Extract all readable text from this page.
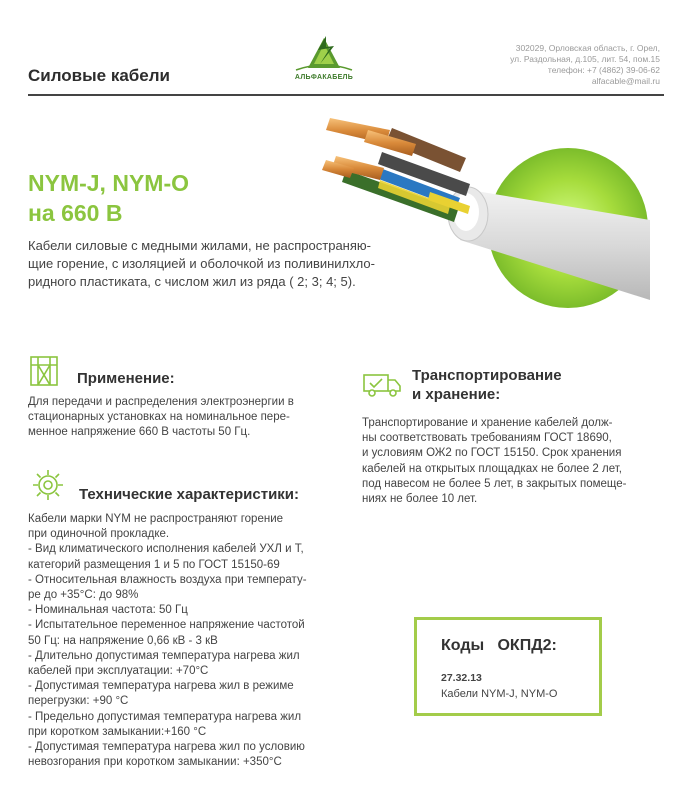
Силовые кабели	АЛЬФАКАБЕЛЬ
302029, Орловская область, г. Орел,
ул. Раздольная, д.105, лит. 54, пом.15
телефон: +7 (4862) 39-06-62
alfacable@mail.ru
NYM-J, NYM-O
на 660 В
Кабели силовые с медными жилами, не распространяю-
щие горение, с изоляцией и оболочкой из поливинилхло-
ридного пластиката, с числом жил из ряда ( 2; 3; 4; 5).
Применение:
Для передачи и распределения электроэнергии в
стационарных установках на номинальное пере-
менное напряжение 660 В частоты 50 Гц.
Технические характеристики:
Кабели марки NYM не распространяют горение
при одиночной прокладке.
- Вид климатического исполнения кабелей УХЛ и Т,
категорий размещения 1 и 5 по ГОСТ 15150-69
- Относительная влажность воздуха при температу-
ре до +35°С: до 98%
- Номинальная частота: 50 Гц
- Испытательное переменное напряжение частотой
50 Гц: на напряжение 0,66 кВ - 3 кВ
- Длительно допустимая температура нагрева жил
кабелей при эксплуатации: +70°С
- Допустимая температура нагрева жил в режиме
перегрузки: +90 °С
- Предельно допустимая температура нагрева жил
при коротком замыкании:+160 °С
- Допустимая температура нагрева жил по условию
невозгорания при коротком замыкании: +350°С
Транспортирование
и хранение:
Транспортирование и хранение кабелей долж-
ны соответствовать требованиям ГОСТ 18690,
и условиям ОЖ2 по ГОСТ 15150. Срок хранения
кабелей на открытых площадках не более 2 лет,
под навесом не более 5 лет, в закрытых помеще-
ниях не более 10 лет.
Коды   ОКПД2:
27.32.13
Кабели NYM-J, NYM-O
